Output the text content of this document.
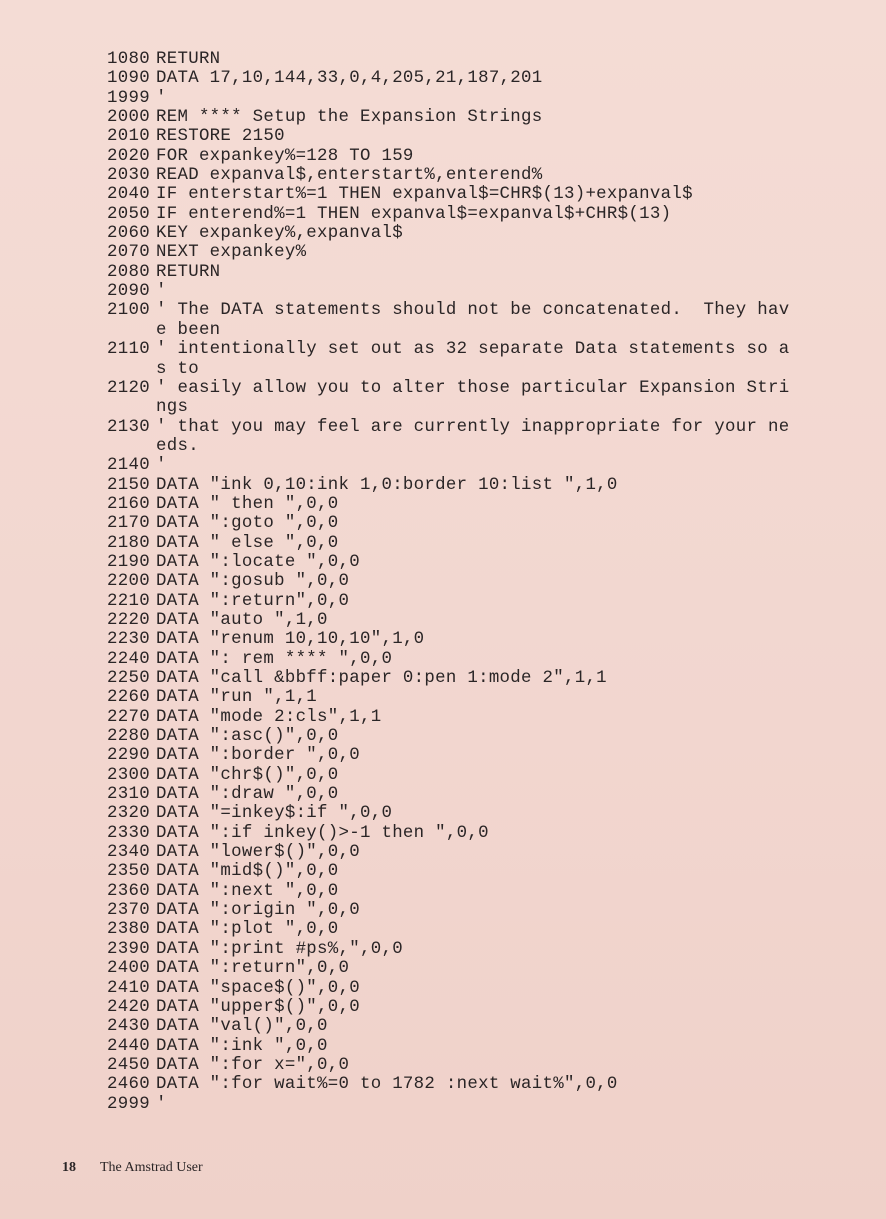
1080 RETURN
1090 DATA 17,10,144,33,0,4,205,21,187,201
1999 '
2000 REM **** Setup the Expansion Strings
2010 RESTORE 2150
2020 FOR expankey%=128 TO 159
2030 READ expanval$,enterstart%,enterend%
2040 IF enterstart%=1 THEN expanval$=CHR$(13)+expanval$
2050 IF enterend%=1 THEN expanval$=expanval$+CHR$(13)
2060 KEY expankey%,expanval$
2070 NEXT expankey%
2080 RETURN
2090 '
2100 ' The DATA statements should not be concatenated.  They hav
e been
2110 ' intentionally set out as 32 separate Data statements so a
s to
2120 ' easily allow you to alter those particular Expansion Stri
ngs
2130 ' that you may feel are currently inappropriate for your ne
eds.
2140 '
2150 DATA "ink 0,10:ink 1,0:border 10:list ",1,0
2160 DATA " then ",0,0
2170 DATA ":goto ",0,0
2180 DATA " else ",0,0
2190 DATA ":locate ",0,0
2200 DATA ":gosub ",0,0
2210 DATA ":return",0,0
2220 DATA "auto ",1,0
2230 DATA "renum 10,10,10",1,0
2240 DATA ": rem **** ",0,0
2250 DATA "call &bbff:paper 0:pen 1:mode 2",1,1
2260 DATA "run ",1,1
2270 DATA "mode 2:cls",1,1
2280 DATA ":asc()",0,0
2290 DATA ":border ",0,0
2300 DATA "chr$()",0,0
2310 DATA ":draw ",0,0
2320 DATA "=inkey$:if ",0,0
2330 DATA ":if inkey()>-1 then ",0,0
2340 DATA "lower$()",0,0
2350 DATA "mid$()",0,0
2360 DATA ":next ",0,0
2370 DATA ":origin ",0,0
2380 DATA ":plot ",0,0
2390 DATA ":print #ps%,",0,0
2400 DATA ":return",0,0
2410 DATA "space$()",0,0
2420 DATA "upper$()",0,0
2430 DATA "val()",0,0
2440 DATA ":ink ",0,0
2450 DATA ":for x=",0,0
2460 DATA ":for wait%=0 to 1782 :next wait%",0,0
2999 '
18 The Amstrad User
